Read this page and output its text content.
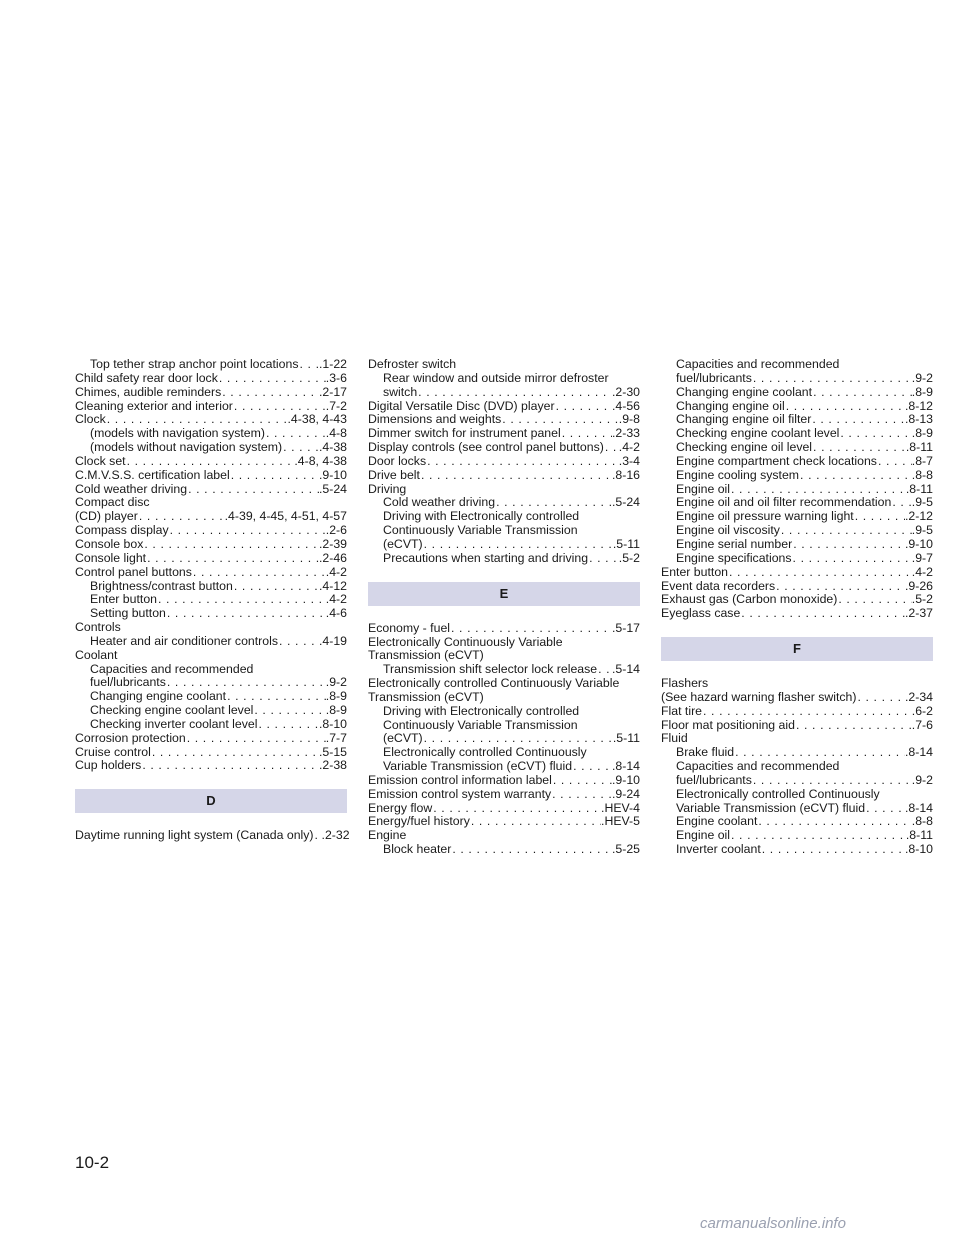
Top tether strap anchor point locations . . . .1-22
Child safety rear door lock . . .	.3-6
Chimes, audible reminders . . .	.2-17
Cleaning exterior and interior . . .	.7-2
Clock . . .	.4-38, 4-43
(models with navigation system) . . .	.4-8
(models without navigation system) . . .	.4-38
Clock set . . .	.4-8, 4-38
C.M.V.S.S. certification label . . .	.9-10
Cold weather driving . . .	.5-24
Compact disc
(CD) player . . .	.4-39, 4-45, 4-51, 4-57
Compass display . . .	.2-6
Console box . . .	.2-39
Console light . . .	.2-46
Control panel buttons . . .	.4-2
Brightness/contrast button . . .	.4-12
Enter button . . .	.4-2
Setting button . . .	.4-6
Controls
Heater and air conditioner controls . . .	.4-19
Coolant
Capacities and recommended
fuel/lubricants . . .	.9-2
Changing engine coolant . . .	.8-9
Checking engine coolant level . . .	.8-9
Checking inverter coolant level . . .	.8-10
Corrosion protection . . .	.7-7
Cruise control . . .	.5-15
Cup holders . . .	.2-38
D
Daytime running light system (Canada only) . . . .2-32
Defroster switch
Rear window and outside mirror defroster
switch . . .	.2-30
Digital Versatile Disc (DVD) player . . .	.4-56
Dimensions and weights . . .	.9-8
Dimmer switch for instrument panel . . .	.2-33
Display controls (see control panel buttons) . . . .4-2
Door locks . . .	.3-4
Drive belt . . .	.8-16
Driving
Cold weather driving . . .	.5-24
Driving with Electronically controlled
Continuously Variable Transmission
(eCVT) . . .	.5-11
Precautions when starting and driving . . . .5-2
E
Economy - fuel . . .	.5-17
Electronically Continuously Variable
Transmission (eCVT)
Transmission shift selector lock release . . . .5-14
Electronically controlled Continuously Variable
Transmission (eCVT)
Driving with Electronically controlled
Continuously Variable Transmission
(eCVT) . . .	.5-11
Electronically controlled Continuously
Variable Transmission (eCVT) fluid . . .	.8-14
Emission control information label . . .	.9-10
Emission control system warranty . . .	.9-24
Energy flow . . .	.HEV-4
Energy/fuel history . . .	.HEV-5
Engine
Block heater . . .	.5-25
Capacities and recommended
fuel/lubricants . . .	.9-2
Changing engine coolant . . .	.8-9
Changing engine oil . . .	.8-12
Changing engine oil filter . . .	.8-13
Checking engine coolant level . . .	.8-9
Checking engine oil level . . .	.8-11
Engine compartment check locations . . .	.8-7
Engine cooling system . . .	.8-8
Engine oil . . .	.8-11
Engine oil and oil filter recommendation . . . .9-5
Engine oil pressure warning light . . .	.2-12
Engine oil viscosity . . .	.9-5
Engine serial number . . .	.9-10
Engine specifications . . .	.9-7
Enter button . . .	.4-2
Event data recorders . . .	.9-26
Exhaust gas (Carbon monoxide) . . .	.5-2
Eyeglass case . . .	.2-37
F
Flashers
(See hazard warning flasher switch) . . .	.2-34
Flat tire . . .	.6-2
Floor mat positioning aid . . .	.7-6
Fluid
Brake fluid . . .	.8-14
Capacities and recommended
fuel/lubricants . . .	.9-2
Electronically controlled Continuously
Variable Transmission (eCVT) fluid . . .	.8-14
Engine coolant . . .	.8-8
Engine oil . . .	.8-11
Inverter coolant . . .	.8-10
10-2
carmanualsonline.info
